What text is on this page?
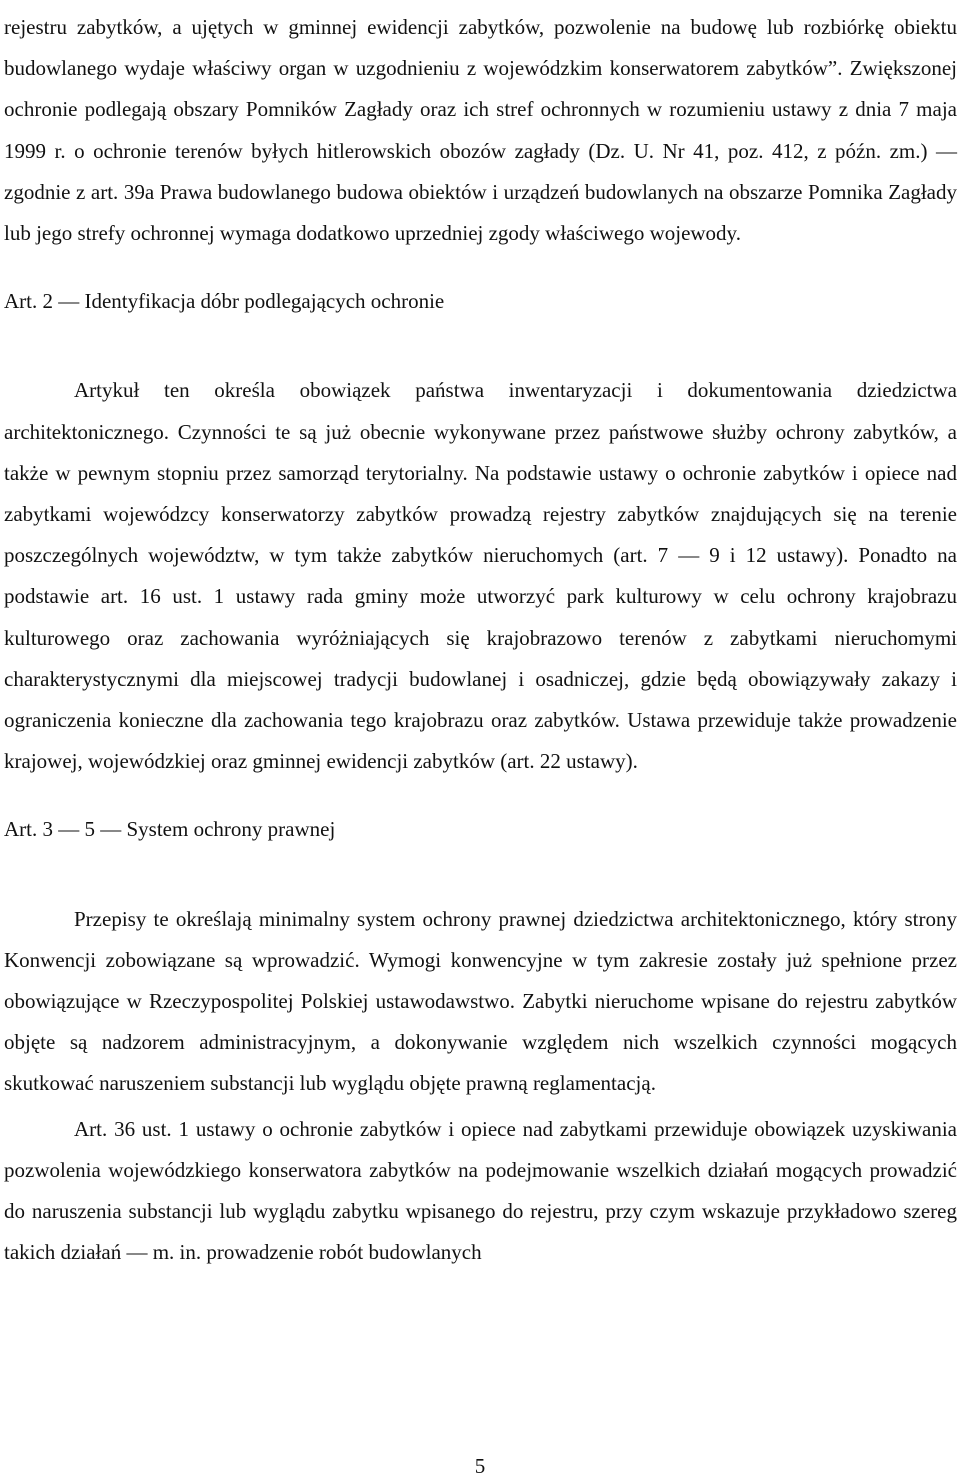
rejestru zabytków, a ujętych w gminnej ewidencji zabytków, pozwolenie na budowę lub rozbiórkę obiektu budowlanego wydaje właściwy organ w uzgodnieniu z wojewódzkim konserwatorem zabytków”. Zwiększonej ochronie podlegają obszary Pomników Zagłady oraz ich stref ochronnych w rozumieniu ustawy z dnia 7 maja 1999 r. o ochronie terenów byłych hitlerowskich obozów zagłady (Dz. U. Nr 41, poz. 412, z późn. zm.) — zgodnie z art. 39a Prawa budowlanego budowa obiektów i urządzeń budowlanych na obszarze Pomnika Zagłady lub jego strefy ochronnej wymaga dodatkowo uprzedniej zgody właściwego wojewody.

Art. 2 — Identyfikacja dóbr podlegających ochronie

Artykuł ten określa obowiązek państwa inwentaryzacji i dokumentowania dziedzictwa architektonicznego. Czynności te są już obecnie wykonywane przez państwowe służby ochrony zabytków, a także w pewnym stopniu przez samorząd terytorialny. Na podstawie ustawy o ochronie zabytków i opiece nad zabytkami wojewódzcy konserwatorzy zabytków prowadzą rejestry zabytków znajdujących się na terenie poszczególnych województw, w tym także zabytków nieruchomych (art. 7 — 9 i 12 ustawy). Ponadto na podstawie art. 16 ust. 1 ustawy rada gminy może utworzyć park kulturowy w celu ochrony krajobrazu kulturowego oraz zachowania wyróżniających się krajobrazowo terenów z zabytkami nieruchomymi charakterystycznymi dla miejscowej tradycji budowlanej i osadniczej, gdzie będą obowiązywały zakazy i ograniczenia konieczne dla zachowania tego krajobrazu oraz zabytków. Ustawa przewiduje także prowadzenie krajowej, wojewódzkiej oraz gminnej ewidencji zabytków (art. 22 ustawy).

Art. 3 — 5 — System ochrony prawnej

Przepisy te określają minimalny system ochrony prawnej dziedzictwa architektonicznego, który strony Konwencji zobowiązane są wprowadzić. Wymogi konwencyjne w tym zakresie zostały już spełnione przez obowiązujące w Rzeczypospolitej Polskiej ustawodawstwo. Zabytki nieruchome wpisane do rejestru zabytków objęte są nadzorem administracyjnym, a dokonywanie względem nich wszelkich czynności mogących skutkować naruszeniem substancji lub wyglądu objęte prawną reglamentacją.

Art. 36 ust. 1 ustawy o ochronie zabytków i opiece nad zabytkami przewiduje obowiązek uzyskiwania pozwolenia wojewódzkiego konserwatora zabytków na podejmowanie wszelkich działań mogących prowadzić do naruszenia substancji lub wyglądu zabytku wpisanego do rejestru, przy czym wskazuje przykładowo szereg takich działań — m. in. prowadzenie robót budowlanych

5
